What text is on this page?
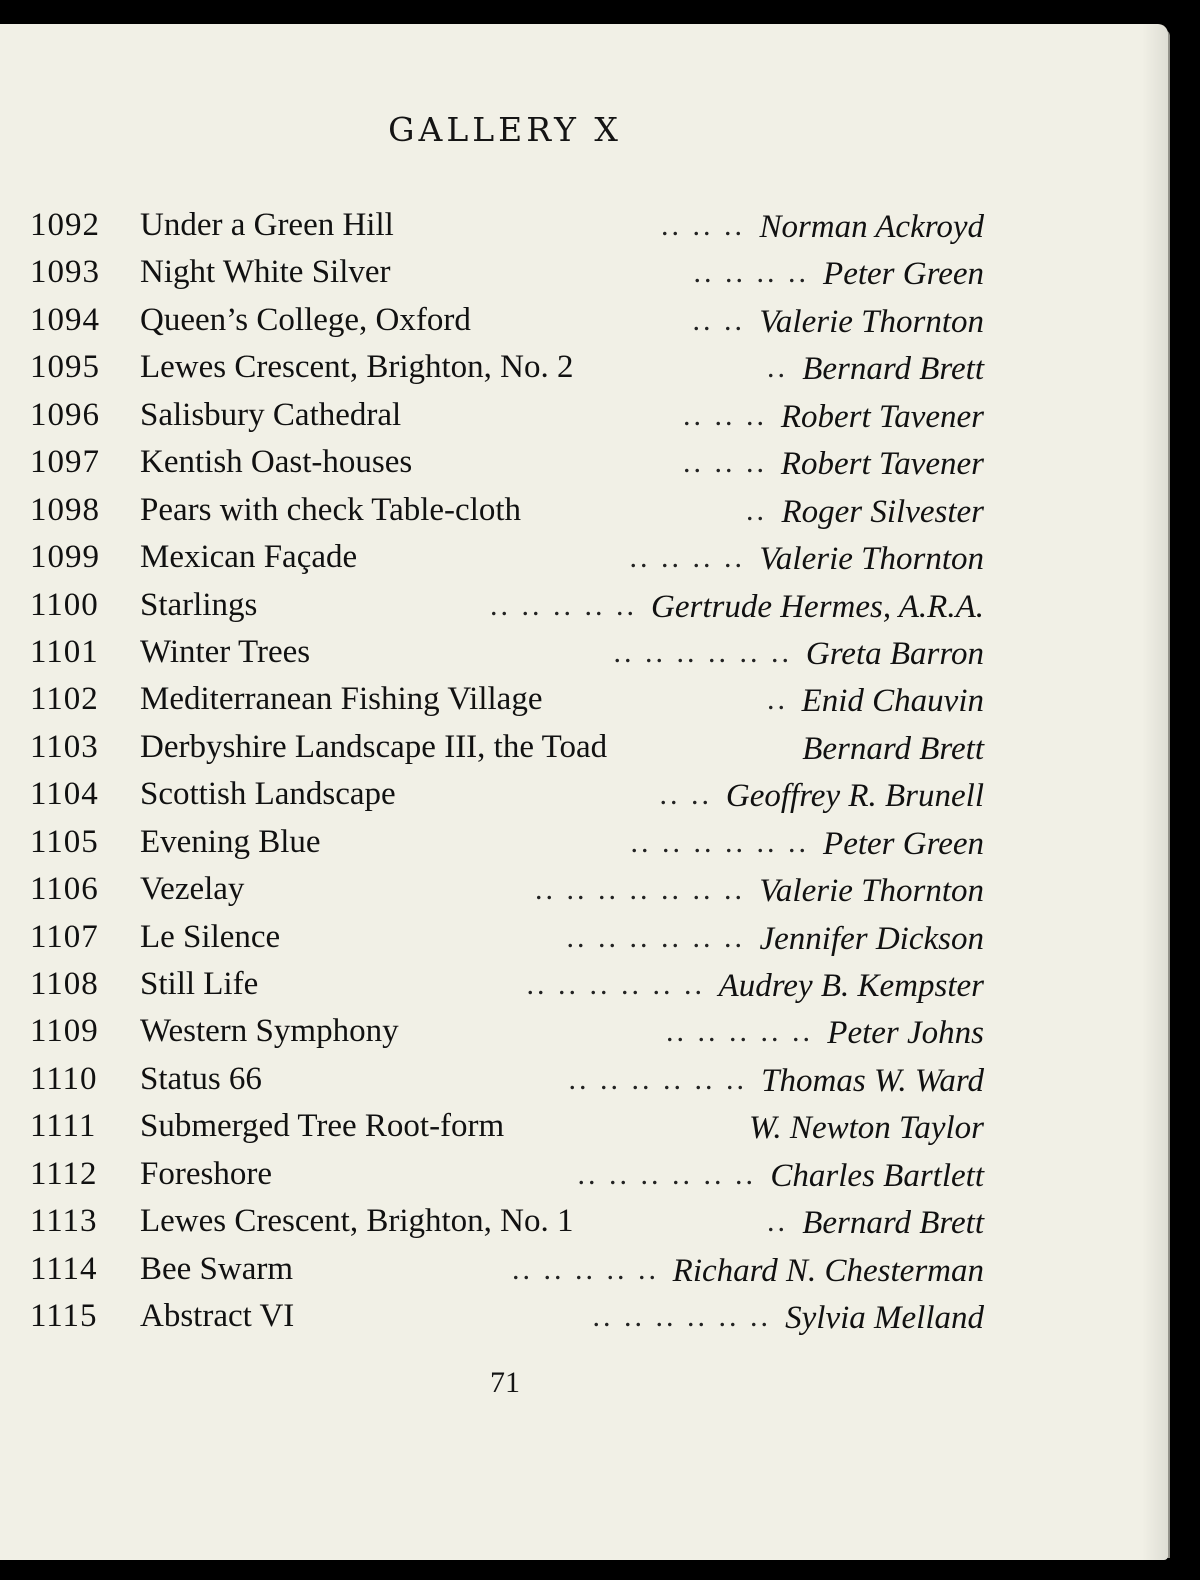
GALLERY X
1092	Under a Green Hill	.. .. .. Norman Ackroyd
1093	Night White Silver	.. .. .. .. Peter Green
1094	Queen’s College, Oxford	.. .. Valerie Thornton
1095	Lewes Crescent, Brighton, No. 2	.. Bernard Brett
1096	Salisbury Cathedral	.. .. .. Robert Tavener
1097	Kentish Oast-houses	.. .. .. Robert Tavener
1098	Pears with check Table-cloth	.. Roger Silvester
1099	Mexican Façade	.. .. .. .. Valerie Thornton
1100	Starlings	.. .. .. .. .. Gertrude Hermes, A.R.A.
1101	Winter Trees	.. .. .. .. .. .. Greta Barron
1102	Mediterranean Fishing Village	.. Enid Chauvin
1103	Derbyshire Landscape III, the Toad	Bernard Brett
1104	Scottish Landscape	.. .. Geoffrey R. Brunell
1105	Evening Blue	.. .. .. .. .. .. Peter Green
1106	Vezelay	.. .. .. .. .. .. .. Valerie Thornton
1107	Le Silence	.. .. .. .. .. .. Jennifer Dickson
1108	Still Life	.. .. .. .. .. .. Audrey B. Kempster
1109	Western Symphony	.. .. .. .. .. Peter Johns
1110	Status 66	.. .. .. .. .. .. Thomas W. Ward
1111	Submerged Tree Root-form	W. Newton Taylor
1112	Foreshore	.. .. .. .. .. .. Charles Bartlett
1113	Lewes Crescent, Brighton, No. 1	.. Bernard Brett
1114	Bee Swarm	.. .. .. .. .. Richard N. Chesterman
1115	Abstract VI	.. .. .. .. .. .. Sylvia Melland
71
